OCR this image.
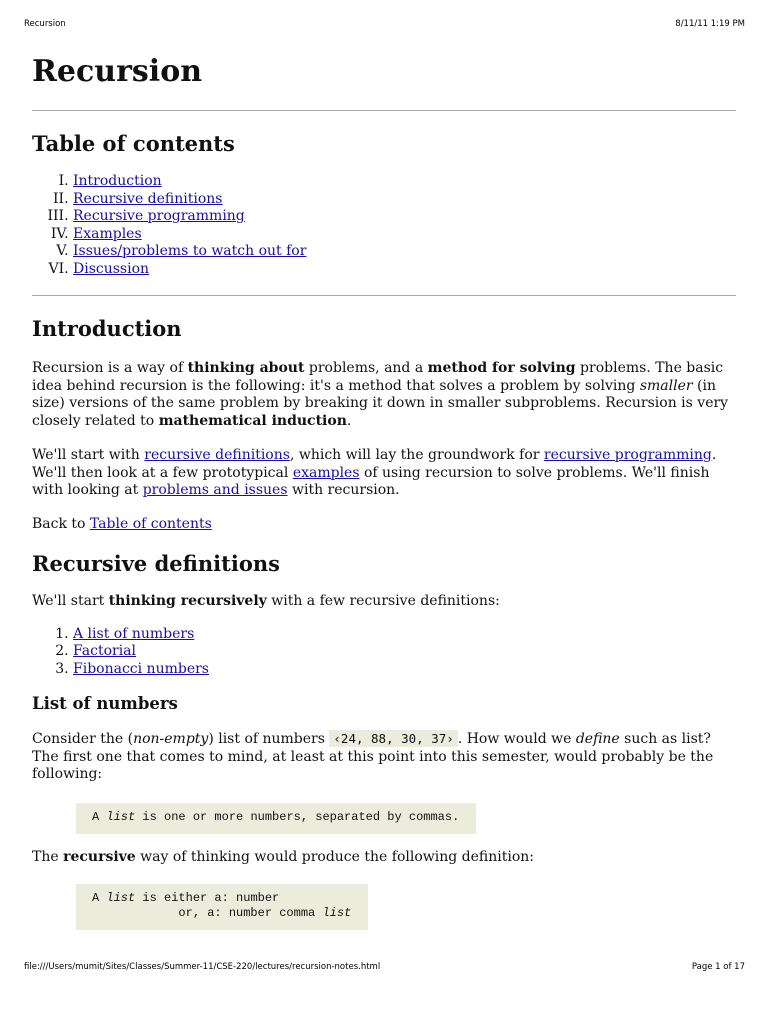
Recursion	8/11/11 1:19 PM
Recursion
Table of contents
I. Introduction
II. Recursive definitions
III. Recursive programming
IV. Examples
V. Issues/problems to watch out for
VI. Discussion
Introduction

Recursion is a way of thinking about problems, and a method for solving problems. The basic idea behind recursion is the following: it's a method that solves a problem by solving smaller (in size) versions of the same problem by breaking it down in smaller subproblems. Recursion is very closely related to mathematical induction.

We'll start with recursive definitions, which will lay the groundwork for recursive programming. We'll then look at a few prototypical examples of using recursion to solve problems. We'll finish with looking at problems and issues with recursion.

Back to Table of contents

Recursive definitions

We'll start thinking recursively with a few recursive definitions:

1. A list of numbers
2. Factorial
3. Fibonacci numbers
List of numbers

Consider the (non-empty) list of numbers ‹24, 88, 30, 37› . How would we define such as list? The first one that comes to mind, at least at this point into this semester, would probably be the following:

A list is one or more numbers, separated by commas.

The recursive way of thinking would produce the following definition:

A list is either a: number
or, a: number comma list
file:///Users/mumit/Sites/Classes/Summer-11/CSE-220/lectures/recursion-notes.html	Page 1 of 17
